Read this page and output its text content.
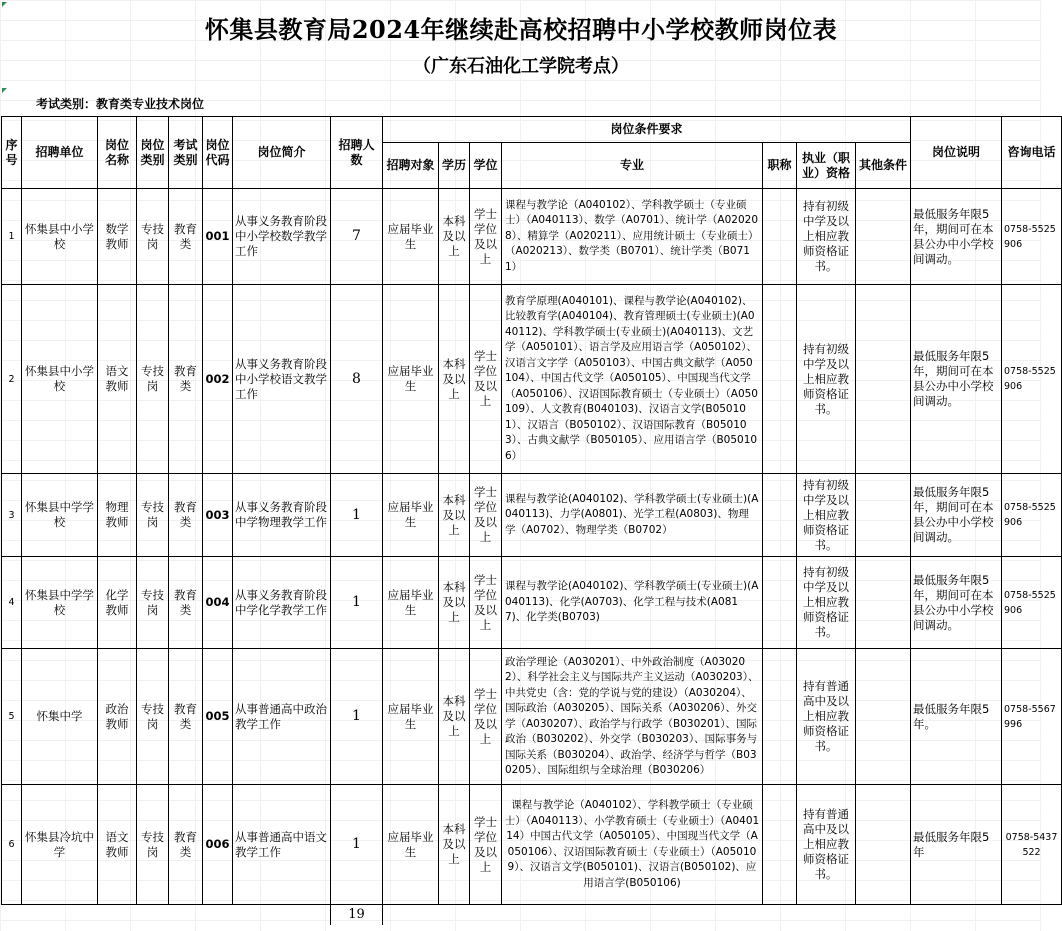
怀集县教育局2024年继续赴高校招聘中小学校教师岗位表
（广东石油化工学院考点）
考试类别：教育类专业技术岗位
序号	招聘单位	岗位名称	岗位类别	考试类别	岗位代码	岗位简介	招聘人数	岗位条件要求							岗位说明	咨询电话
								招聘对象	学历	学位	专业	职称	执业（职业）资格	其他条件		
1	怀集县中小学校	数学教师	专技岗	教育类	001	从事义务教育阶段中小学校数学教学工作	7	应届毕业生	本科及以上	学士学位及以上	课程与教学论（A040102）、学科教学硕士（专业硕士）（A040113）、数学（A0701）、统计学（A020208）、精算学（A020211）、应用统计硕士（专业硕士）（A020213）、数学类（B0701）、统计学类（B0711）		持有初级中学及以上相应教师资格证书。		最低服务年限5年，期间可在本县公办中小学校间调动。	0758-5525906
2	怀集县中小学校	语文教师	专技岗	教育类	002	从事义务教育阶段中小学校语文教学工作	8	应届毕业生	本科及以上	学士学位及以上	教育学原理(A040101)、课程与教学论(A040102)、比较教育学(A040104)、教育管理硕士(专业硕士)(A040112)、学科教学硕士(专业硕士)(A040113)、文艺学（A050101）、语言学及应用语言学（A050102）、汉语言文字学（A050103）、中国古典文献学（A050104）、中国古代文学（A050105）、中国现当代文学（A050106）、汉语国际教育硕士（专业硕士）（A050109）、人文教育(B040103)、汉语言文学(B050101）、汉语言（B050102）、汉语国际教育（B050103）、古典文献学（B050105）、应用语言学（B050106）		持有初级中学及以上相应教师资格证书。		最低服务年限5年，期间可在本县公办中小学校间调动。	0758-5525906
3	怀集县中学学校	物理教师	专技岗	教育类	003	从事义务教育阶段中学物理教学工作	1	应届毕业生	本科及以上	学士学位及以上	课程与教学论(A040102)、学科教学硕士(专业硕士)(A040113)、力学(A0801)、光学工程(A0803)、物理学（A0702）、物理学类（B0702）		持有初级中学及以上相应教师资格证书。		最低服务年限5年，期间可在本县公办中小学校间调动。	0758-5525906
4	怀集县中学学校	化学教师	专技岗	教育类	004	从事义务教育阶段中学化学教学工作	1	应届毕业生	本科及以上	学士学位及以上	课程与教学论(A040102)、学科教学硕士(专业硕士)(A040113)、化学(A0703)、化学工程与技术(A0817)、化学类(B0703)		持有初级中学及以上相应教师资格证书。		最低服务年限5年，期间可在本县公办中小学校间调动。	0758-5525906
5	怀集中学	政治教师	专技岗	教育类	005	从事普通高中政治教学工作	1	应届毕业生	本科及以上	学士学位及以上	政治学理论（A030201）、中外政治制度（A030202）、科学社会主义与国际共产主义运动（A030203）、中共党史（含：党的学说与党的建设）（A030204）、国际政治（A030205）、国际关系（A030206）、外交学（A030207）、政治学与行政学（B030201）、国际政治（B030202）、外交学（B030203）、国际事务与国际关系（B030204）、政治学、经济学与哲学（B030205）、国际组织与全球治理（B030206）		持有普通高中及以上相应教师资格证书。		最低服务年限5年。	0758-5567996
6	怀集县冷坑中学	语文教师	专技岗	教育类	006	从事普通高中语文教学工作	1	应届毕业生	本科及以上	学士学位及以上	课程与教学论（A040102）、学科教学硕士（专业硕士）（A040113）、小学教育硕士（专业硕士）（A040114）中国古代文学（A050105）、中国现当代文学（A050106）、汉语国际教育硕士（专业硕士）（A050109）、汉语言文学(B050101)、汉语言(B050102)、应用语言学(B050106)		持有普通高中及以上相应教师资格证书。		最低服务年限5年	0758-5437522
							19									
